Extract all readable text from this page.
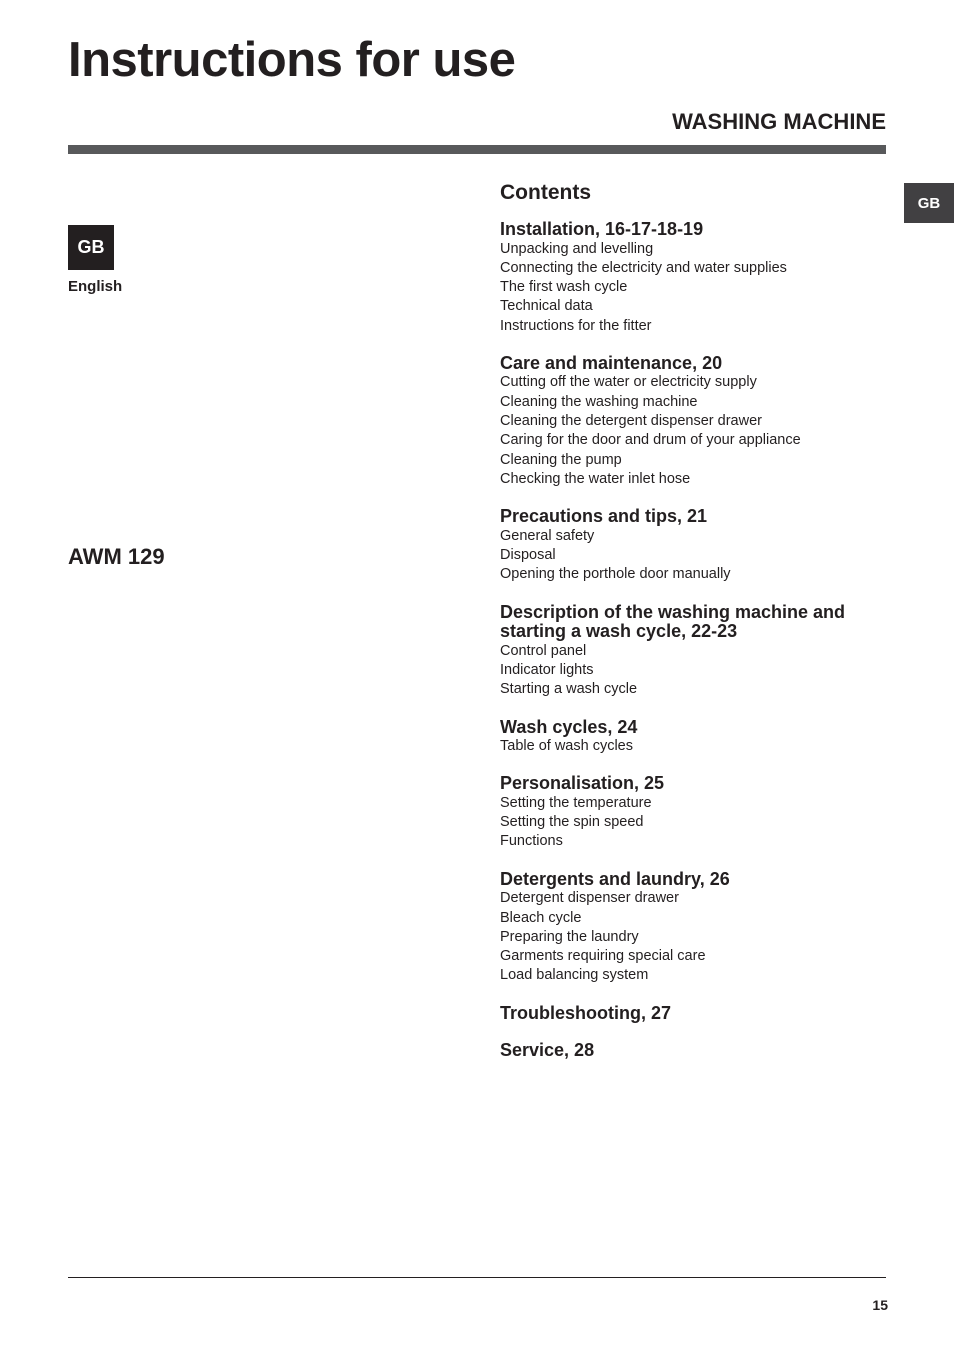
Instructions for use
WASHING MACHINE
GB
GB
English
AWM 129
Contents
Installation, 16-17-18-19
Unpacking and levelling
Connecting the electricity and water supplies
The first wash cycle
Technical data
Instructions for the fitter
Care and maintenance, 20
Cutting off the water or electricity supply
Cleaning the washing machine
Cleaning the detergent dispenser drawer
Caring for the door and drum of your appliance
Cleaning the pump
Checking the water inlet hose
Precautions and tips, 21
General safety
Disposal
Opening the porthole door manually
Description of the washing machine and starting a wash cycle, 22-23
Control panel
Indicator lights
Starting a wash cycle
Wash cycles, 24
Table of wash cycles
Personalisation, 25
Setting the temperature
Setting the spin speed
Functions
Detergents and laundry, 26
Detergent dispenser drawer
Bleach cycle
Preparing the laundry
Garments requiring special care
Load balancing system
Troubleshooting, 27
Service, 28
15
